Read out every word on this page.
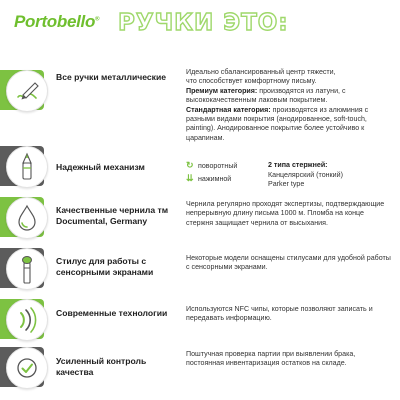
Portobello® РУЧКИ ЭТО:
Все ручки металлические	Идеально сбалансированный центр тяжести,
что способствует комфортному письму.
Премиум категория: производятся из латуни, с высококачественным лаковым покрытием.
Стандартная категория: производятся из алюминия с разными видами покрытия (анодированное, soft-touch, painting). Анодированное покрытие более устойчиво к царапинам.
Надежный механизм	↻ поворотный
⇊ нажимной
2 типа стержней:
Канцелярский (тонкий)
Parker type
Качественные чернила тм Documental, Germany
Чернила регулярно проходят экспертизы, подтверждающие непрерывную длину письма 1000 м. Пломба на конце стержня защищает чернила от высыхания.
Стилус для работы с сенсорными экранами
Некоторые модели оснащены стилусами для удобной работы с сенсорными экранами.
Современные технологии	Используются NFC чипы, которые позволяют записать и передавать информацию.
Усиленный контроль качества
Поштучная проверка партии при выявлении брака, постоянная инвентаризация остатков на складе.
